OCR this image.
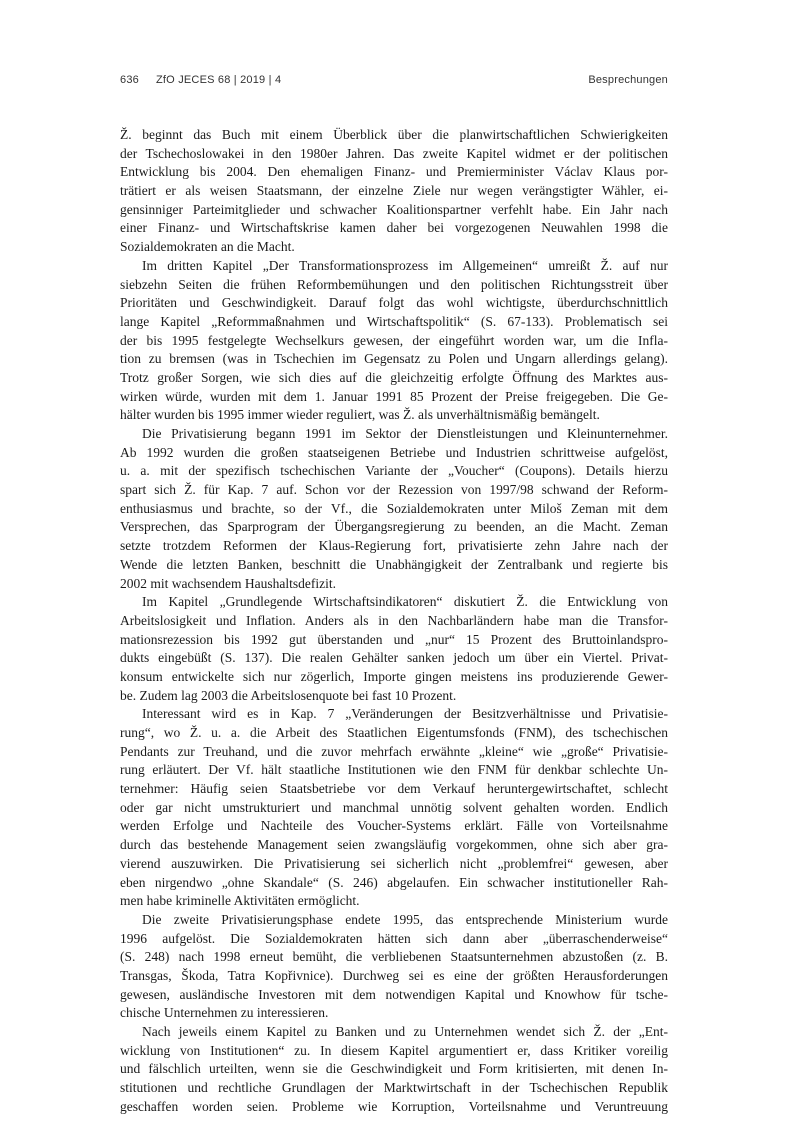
636 ZfO JECES 68 | 2019 | 4	Besprechungen

Ž. beginnt das Buch mit einem Überblick über die planwirtschaftlichen Schwierigkeiten
der Tschechoslowakei in den 1980er Jahren. Das zweite Kapitel widmet er der politischen
Entwicklung bis 2004. Den ehemaligen Finanz- und Premierminister Václav Klaus por-
trätiert er als weisen Staatsmann, der einzelne Ziele nur wegen verängstigter Wähler, ei-
gensinniger Parteimitglieder und schwacher Koalitionspartner verfehlt habe. Ein Jahr nach
einer Finanz- und Wirtschaftskrise kamen daher bei vorgezogenen Neuwahlen 1998 die
Sozialdemokraten an die Macht.

Im dritten Kapitel „Der Transformationsprozess im Allgemeinen“ umreißt Ž. auf nur
siebzehn Seiten die frühen Reformbemühungen und den politischen Richtungsstreit über
Prioritäten und Geschwindigkeit. Darauf folgt das wohl wichtigste, überdurchschnittlich
lange Kapitel „Reformmaßnahmen und Wirtschaftspolitik“ (S. 67-133). Problematisch sei
der bis 1995 festgelegte Wechselkurs gewesen, der eingeführt worden war, um die Infla-
tion zu bremsen (was in Tschechien im Gegensatz zu Polen und Ungarn allerdings gelang).
Trotz großer Sorgen, wie sich dies auf die gleichzeitig erfolgte Öffnung des Marktes aus-
wirken würde, wurden mit dem 1. Januar 1991 85 Prozent der Preise freigegeben. Die Ge-
hälter wurden bis 1995 immer wieder reguliert, was Ž. als unverhältnismäßig bemängelt.

Die Privatisierung begann 1991 im Sektor der Dienstleistungen und Kleinunternehmer.
Ab 1992 wurden die großen staatseigenen Betriebe und Industrien schrittweise aufgelöst,
u. a. mit der spezifisch tschechischen Variante der „Voucher“ (Coupons). Details hierzu
spart sich Ž. für Kap. 7 auf. Schon vor der Rezession von 1997/98 schwand der Reform-
enthusiasmus und brachte, so der Vf., die Sozialdemokraten unter Miloš Zeman mit dem
Versprechen, das Sparprogram der Übergangsregierung zu beenden, an die Macht. Zeman
setzte trotzdem Reformen der Klaus-Regierung fort, privatisierte zehn Jahre nach der
Wende die letzten Banken, beschnitt die Unabhängigkeit der Zentralbank und regierte bis
2002 mit wachsendem Haushaltsdefizit.

Im Kapitel „Grundlegende Wirtschaftsindikatoren“ diskutiert Ž. die Entwicklung von
Arbeitslosigkeit und Inflation. Anders als in den Nachbarländern habe man die Transfor-
mationsrezession bis 1992 gut überstanden und „nur“ 15 Prozent des Bruttoinlandspro-
dukts eingebüßt (S. 137). Die realen Gehälter sanken jedoch um über ein Viertel. Privat-
konsum entwickelte sich nur zögerlich, Importe gingen meistens ins produzierende Gewer-
be. Zudem lag 2003 die Arbeitslosenquote bei fast 10 Prozent.

Interessant wird es in Kap. 7 „Veränderungen der Besitzverhältnisse und Privatisie-
rung“, wo Ž. u. a. die Arbeit des Staatlichen Eigentumsfonds (FNM), des tschechischen
Pendants zur Treuhand, und die zuvor mehrfach erwähnte „kleine“ wie „große“ Privatisie-
rung erläutert. Der Vf. hält staatliche Institutionen wie den FNM für denkbar schlechte Un-
ternehmer: Häufig seien Staatsbetriebe vor dem Verkauf heruntergewirtschaftet, schlecht
oder gar nicht umstrukturiert und manchmal unnötig solvent gehalten worden. Endlich
werden Erfolge und Nachteile des Voucher-Systems erklärt. Fälle von Vorteilsnahme
durch das bestehende Management seien zwangsläufig vorgekommen, ohne sich aber gra-
vierend auszuwirken. Die Privatisierung sei sicherlich nicht „problemfrei“ gewesen, aber
eben nirgendwo „ohne Skandale“ (S. 246) abgelaufen. Ein schwacher institutioneller Rah-
men habe kriminelle Aktivitäten ermöglicht.

Die zweite Privatisierungsphase endete 1995, das entsprechende Ministerium wurde
1996 aufgelöst. Die Sozialdemokraten hätten sich dann aber „überraschenderweise“
(S. 248) nach 1998 erneut bemüht, die verbliebenen Staatsunternehmen abzustoßen (z. B.
Transgas, Škoda, Tatra Kopřivnice). Durchweg sei es eine der größten Herausforderungen
gewesen, ausländische Investoren mit dem notwendigen Kapital und Knowhow für tsche-
chische Unternehmen zu interessieren.

Nach jeweils einem Kapitel zu Banken und zu Unternehmen wendet sich Ž. der „Ent-
wicklung von Institutionen“ zu. In diesem Kapitel argumentiert er, dass Kritiker voreilig
und fälschlich urteilten, wenn sie die Geschwindigkeit und Form kritisierten, mit denen In-
stitutionen und rechtliche Grundlagen der Marktwirtschaft in der Tschechischen Republik
geschaffen worden seien. Probleme wie Korruption, Vorteilsnahme und Veruntreuung
